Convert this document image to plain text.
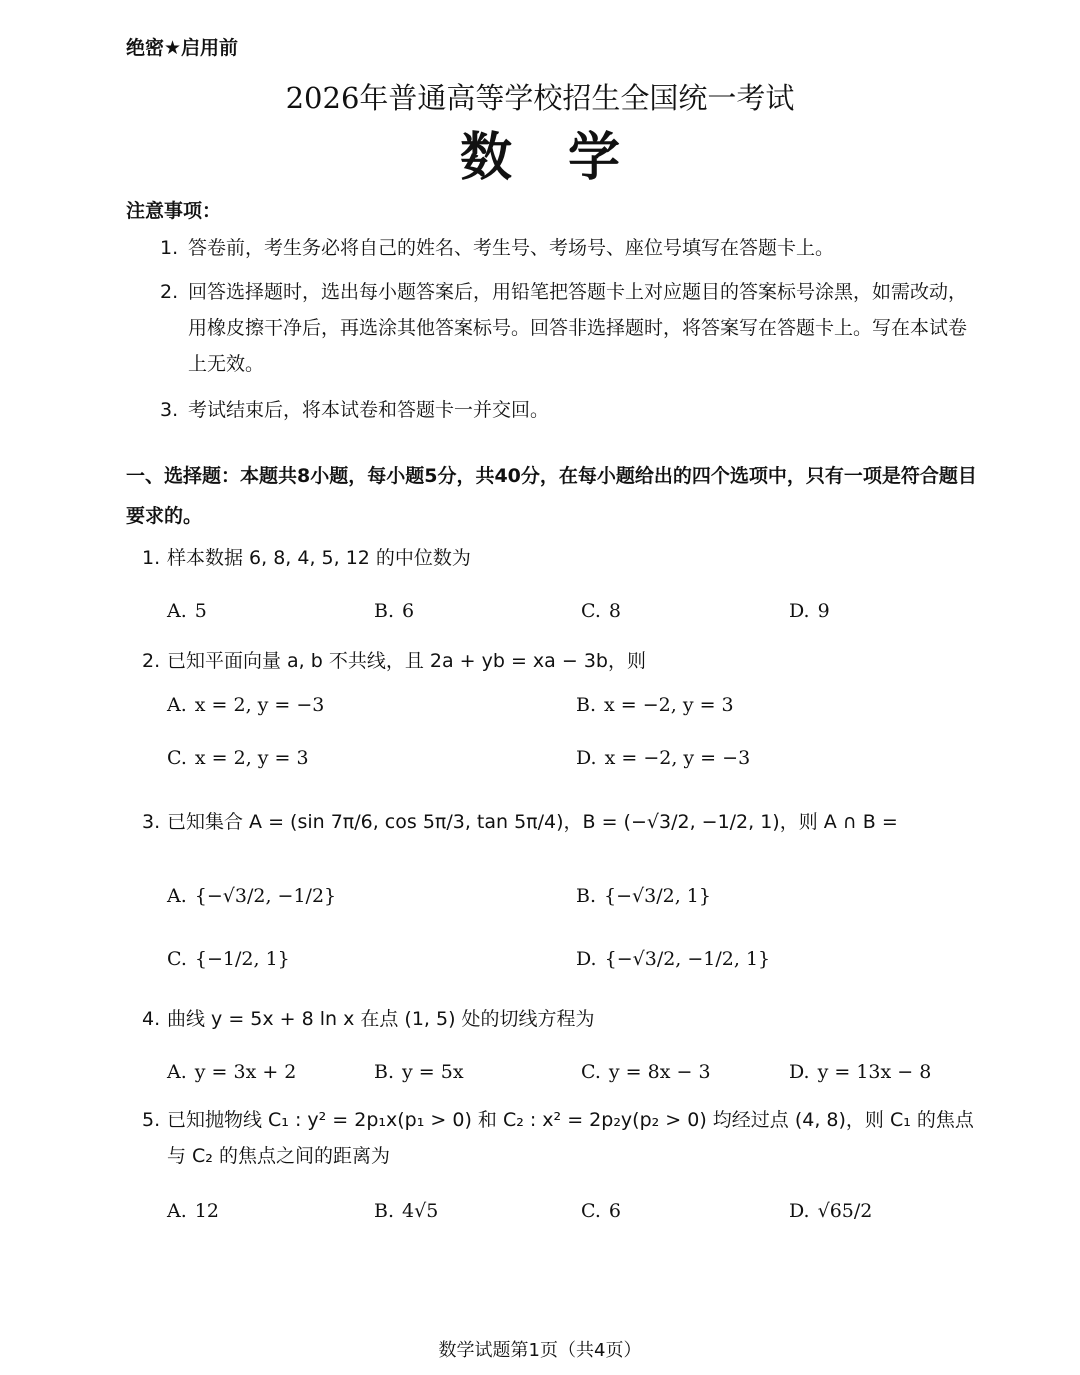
绝密★启用前
2026年普通高等学校招生全国统一考试
数学
注意事项：
1. 答卷前，考生务必将自己的姓名、考生号、考场号、座位号填写在答题卡上。
2. 回答选择题时，选出每小题答案后，用铅笔把答题卡上对应题目的答案标号涂黑，如需改动，用橡皮擦干净后，再选涂其他答案标号。回答非选择题时，将答案写在答题卡上。写在本试卷上无效。
3. 考试结束后，将本试卷和答题卡一并交回。
一、选择题：本题共8小题，每小题5分，共40分，在每小题给出的四个选项中，只有一项是符合题目要求的。
1. 样本数据 6, 8, 4, 5, 12 的中位数为
A. 5	B. 6	C. 8	D. 9
2. 已知平面向量 a, b 不共线，且 2a + yb = xa − 3b，则
A. x = 2, y = −3	B. x = −2, y = 3
C. x = 2, y = 3	D. x = −2, y = −3
3. 已知集合 A = (sin 7π/6, cos 5π/3, tan 5π/4)，B = (−√3/2, −1/2, 1)，则 A ∩ B =
A. {−√3/2, −1/2}	B. {−√3/2, 1}
C. {−1/2, 1}	D. {−√3/2, −1/2, 1}
4. 曲线 y = 5x + 8 ln x 在点 (1, 5) 处的切线方程为
A. y = 3x + 2	B. y = 5x	C. y = 8x − 3	D. y = 13x − 8
5. 已知抛物线 C₁ : y² = 2p₁x(p₁ > 0) 和 C₂ : x² = 2p₂y(p₂ > 0) 均经过点 (4, 8)，则 C₁ 的焦点与 C₂ 的焦点之间的距离为
A. 12	B. 4√5	C. 6	D. √65/2
数学试题第1页（共4页）
